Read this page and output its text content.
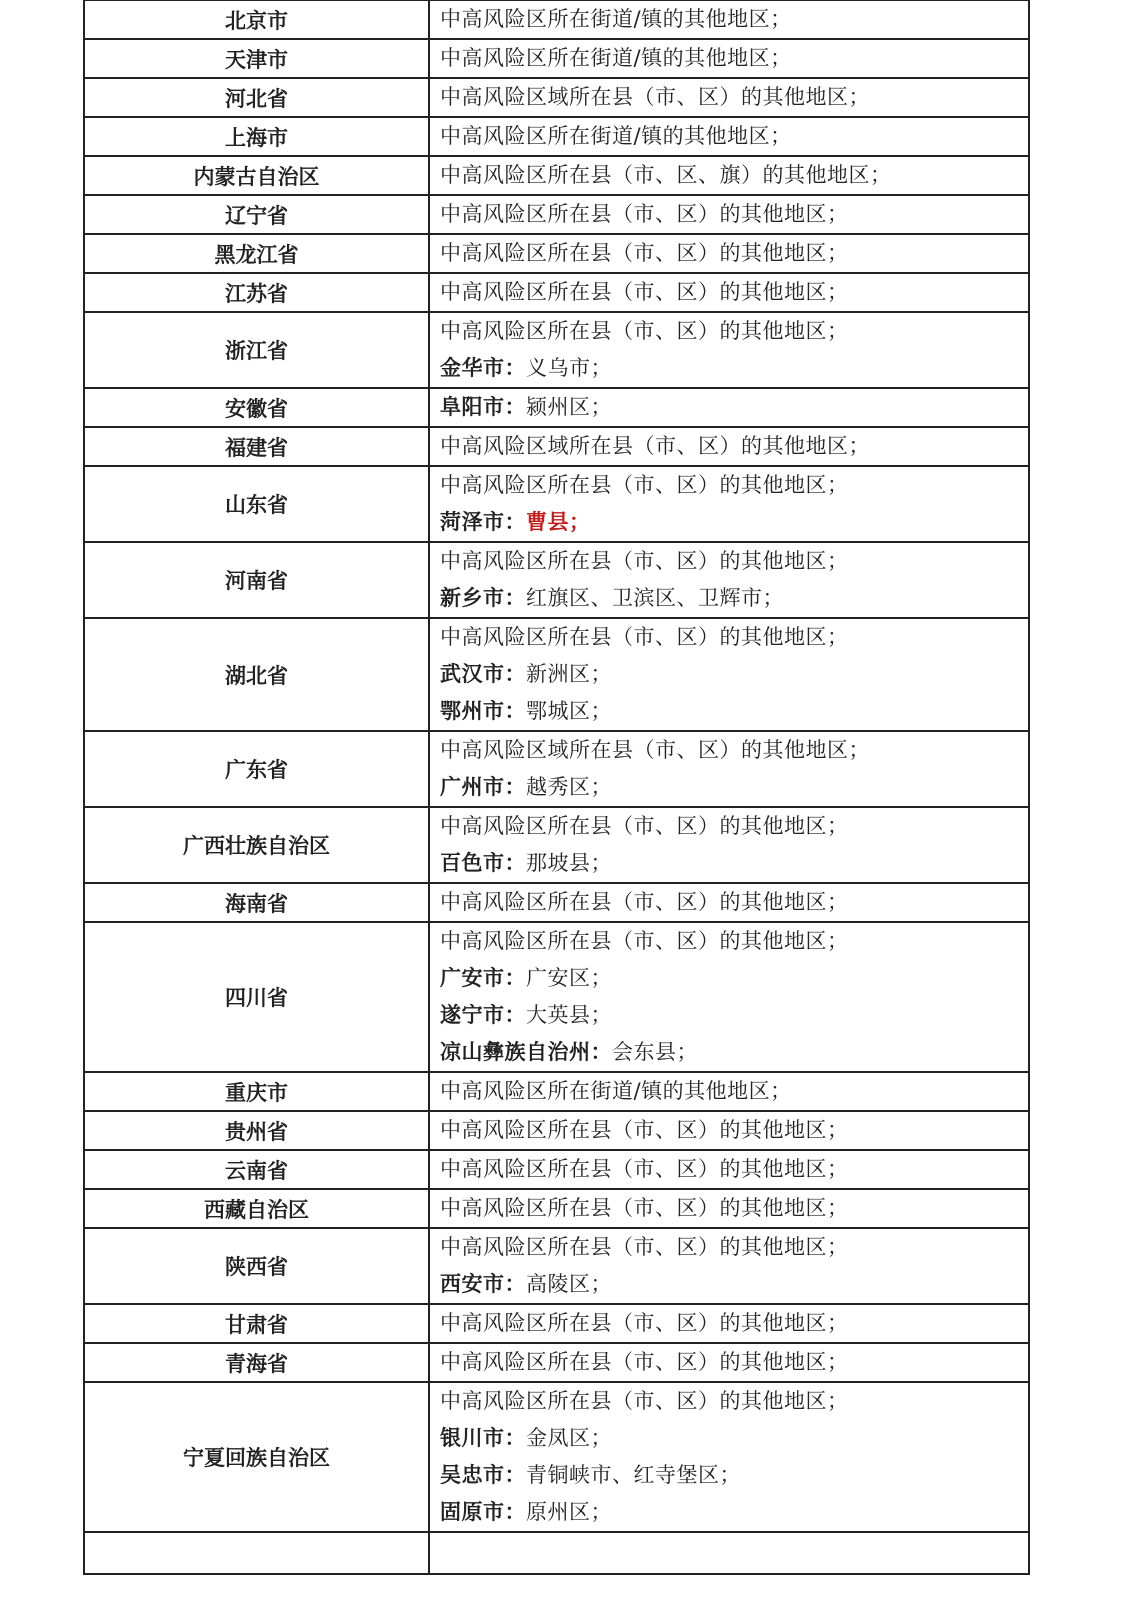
北京市	中高风险区所在街道/镇的其他地区；

天津市	中高风险区所在街道/镇的其他地区；

河北省	中高风险区域所在县（市、区）的其他地区；

上海市	中高风险区所在街道/镇的其他地区；

内蒙古自治区	中高风险区所在县（市、区、旗）的其他地区；

辽宁省	中高风险区所在县（市、区）的其他地区；

黑龙江省	中高风险区所在县（市、区）的其他地区；

江苏省	中高风险区所在县（市、区）的其他地区；

浙江省	中高风险区所在县（市、区）的其他地区；
金华市：义乌市；

安徽省	阜阳市：颍州区；

福建省	中高风险区域所在县（市、区）的其他地区；

山东省	中高风险区所在县（市、区）的其他地区；
菏泽市：曹县；

河南省	中高风险区所在县（市、区）的其他地区；
新乡市：红旗区、卫滨区、卫辉市；

湖北省	中高风险区所在县（市、区）的其他地区；
武汉市：新洲区；
鄂州市：鄂城区；

广东省	中高风险区域所在县（市、区）的其他地区；
广州市：越秀区；

广西壮族自治区	中高风险区所在县（市、区）的其他地区；
百色市：那坡县；

海南省	中高风险区所在县（市、区）的其他地区；

四川省	中高风险区所在县（市、区）的其他地区；
广安市：广安区；
遂宁市：大英县；
凉山彝族自治州：会东县；

重庆市	中高风险区所在街道/镇的其他地区；

贵州省	中高风险区所在县（市、区）的其他地区；

云南省	中高风险区所在县（市、区）的其他地区；

西藏自治区	中高风险区所在县（市、区）的其他地区；

陕西省	中高风险区所在县（市、区）的其他地区；
西安市：高陵区；

甘肃省	中高风险区所在县（市、区）的其他地区；

青海省	中高风险区所在县（市、区）的其他地区；

宁夏回族自治区	中高风险区所在县（市、区）的其他地区；
银川市：金凤区；
吴忠市：青铜峡市、红寺堡区；
固原市：原州区；
